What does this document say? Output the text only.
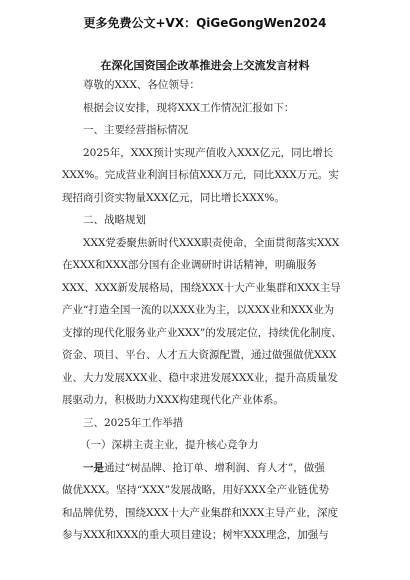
更多免费公文+VX：QiGeGongWen2024
在深化国资国企改革推进会上交流发言材料

尊敬的XXX、各位领导：

根据会议安排，现将XXX工作情况汇报如下：

一、主要经营指标情况

2025年，XXX预计实现产值收入XXX亿元，同比增长

XXX%。完成营业利润目标值XXX万元，同比XXX万元。实

现招商引资实物量XXX亿元，同比增长XXX%。

二、战略规划

XXX党委聚焦新时代XXX职责使命，全面贯彻落实XXX

在XXX和XXX部分国有企业调研时讲话精神，明确服务

XXX、XXX新发展格局，围绕XXX十大产业集群和XXX主导

产业“打造全国一流的以XXX业为主，以XXX业和XXX业为

支撑的现代化服务业产业XXX”的发展定位，持续优化制度、

资金、项目、平台、人才五大资源配置，通过做强做优XXX

业、大力发展XXX业、稳中求进发展XXX业，提升高质量发

展驱动力，积极助力XXX构建现代化产业体系。

三、2025年工作举措

（一）深耕主责主业，提升核心竞争力

一是通过“树品牌、抢订单、增利润、育人才”，做强

做优XXX。坚持“XXX”发展战略，用好XXX全产业链优势

和品牌优势，围绕XXX十大产业集群和XXX主导产业，深度

参与XXX和XXX的重大项目建设；树牢XXX理念，加强与
